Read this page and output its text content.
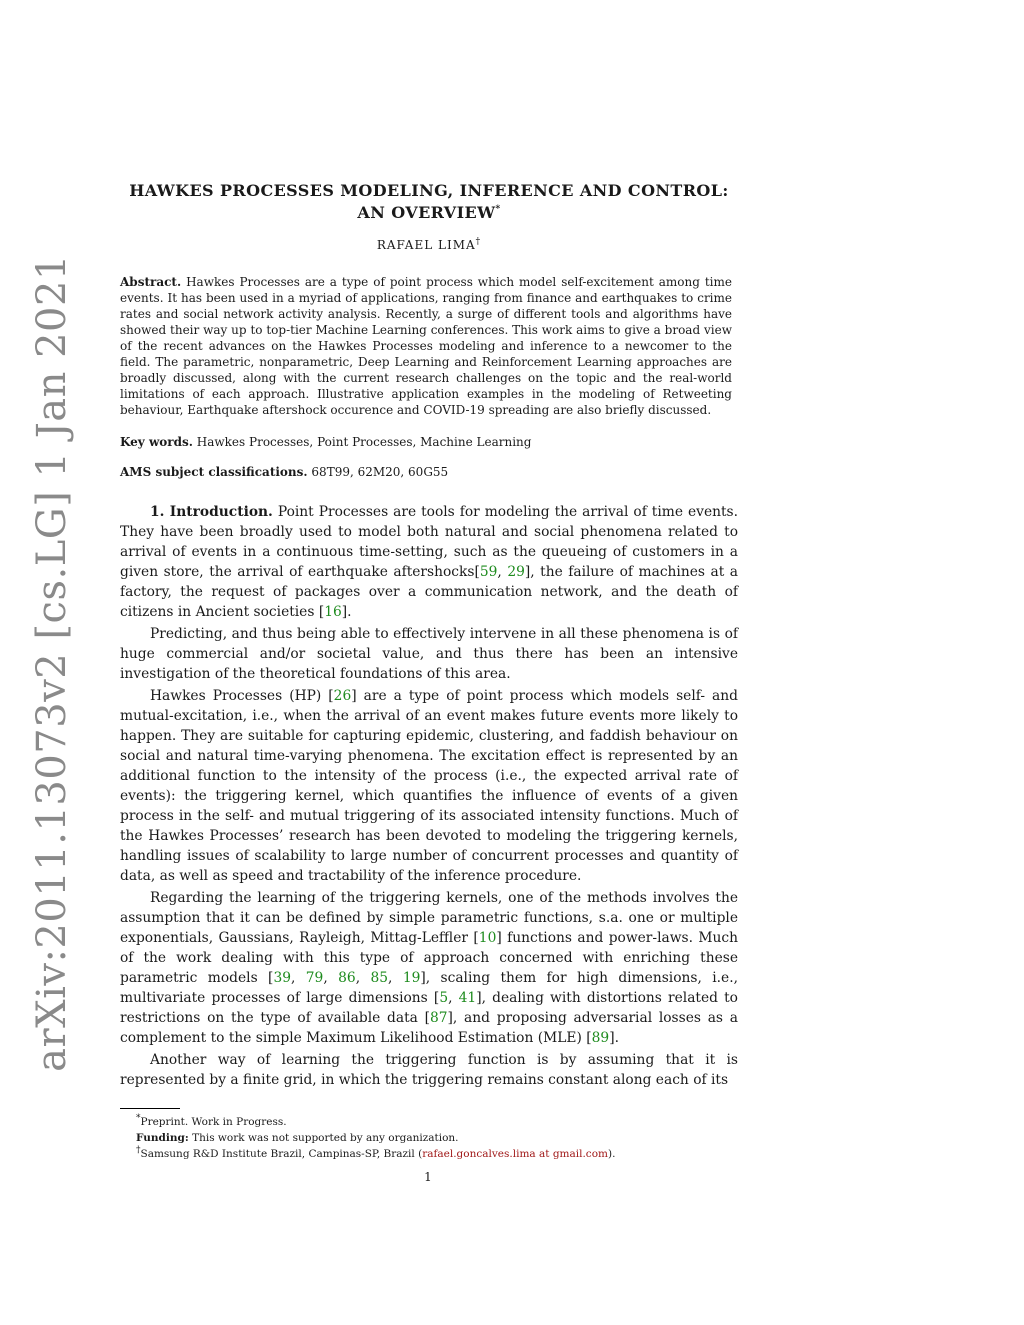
arXiv:2011.13073v2 [cs.LG] 1 Jan 2021
HAWKES PROCESSES MODELING, INFERENCE AND CONTROL:
AN OVERVIEW*
RAFAEL LIMA†
Abstract. Hawkes Processes are a type of point process which model self-excitement among time events. It has been used in a myriad of applications, ranging from finance and earthquakes to crime rates and social network activity analysis. Recently, a surge of different tools and algorithms have showed their way up to top-tier Machine Learning conferences. This work aims to give a broad view of the recent advances on the Hawkes Processes modeling and inference to a newcomer to the field. The parametric, nonparametric, Deep Learning and Reinforcement Learning approaches are broadly discussed, along with the current research challenges on the topic and the real-world limitations of each approach. Illustrative application examples in the modeling of Retweeting behaviour, Earthquake aftershock occurence and COVID-19 spreading are also briefly discussed.
Key words. Hawkes Processes, Point Processes, Machine Learning
AMS subject classifications. 68T99, 62M20, 60G55

1. Introduction. Point Processes are tools for modeling the arrival of time events. They have been broadly used to model both natural and social phenomena related to arrival of events in a continuous time-setting, such as the queueing of customers in a given store, the arrival of earthquake aftershocks[59, 29], the failure of machines at a factory, the request of packages over a communication network, and the death of citizens in Ancient societies [16].

Predicting, and thus being able to effectively intervene in all these phenomena is of huge commercial and/or societal value, and thus there has been an intensive investigation of the theoretical foundations of this area.

Hawkes Processes (HP) [26] are a type of point process which models self- and mutual-excitation, i.e., when the arrival of an event makes future events more likely to happen. They are suitable for capturing epidemic, clustering, and faddish behaviour on social and natural time-varying phenomena. The excitation effect is represented by an additional function to the intensity of the process (i.e., the expected arrival rate of events): the triggering kernel, which quantifies the influence of events of a given process in the self- and mutual triggering of its associated intensity functions. Much of the Hawkes Processes’ research has been devoted to modeling the triggering kernels, handling issues of scalability to large number of concurrent processes and quantity of data, as well as speed and tractability of the inference procedure.

Regarding the learning of the triggering kernels, one of the methods involves the assumption that it can be defined by simple parametric functions, s.a. one or multiple exponentials, Gaussians, Rayleigh, Mittag-Leffler [10] functions and power-laws. Much of the work dealing with this type of approach concerned with enriching these parametric models [39, 79, 86, 85, 19], scaling them for high dimensions, i.e., multivariate processes of large dimensions [5, 41], dealing with distortions related to restrictions on the type of available data [87], and proposing adversarial losses as a complement to the simple Maximum Likelihood Estimation (MLE) [89].

Another way of learning the triggering function is by assuming that it is represented by a finite grid, in which the triggering remains constant along each of its

*Preprint. Work in Progress.
Funding: This work was not supported by any organization.
†Samsung R&D Institute Brazil, Campinas-SP, Brazil (rafael.goncalves.lima at gmail.com).
1
